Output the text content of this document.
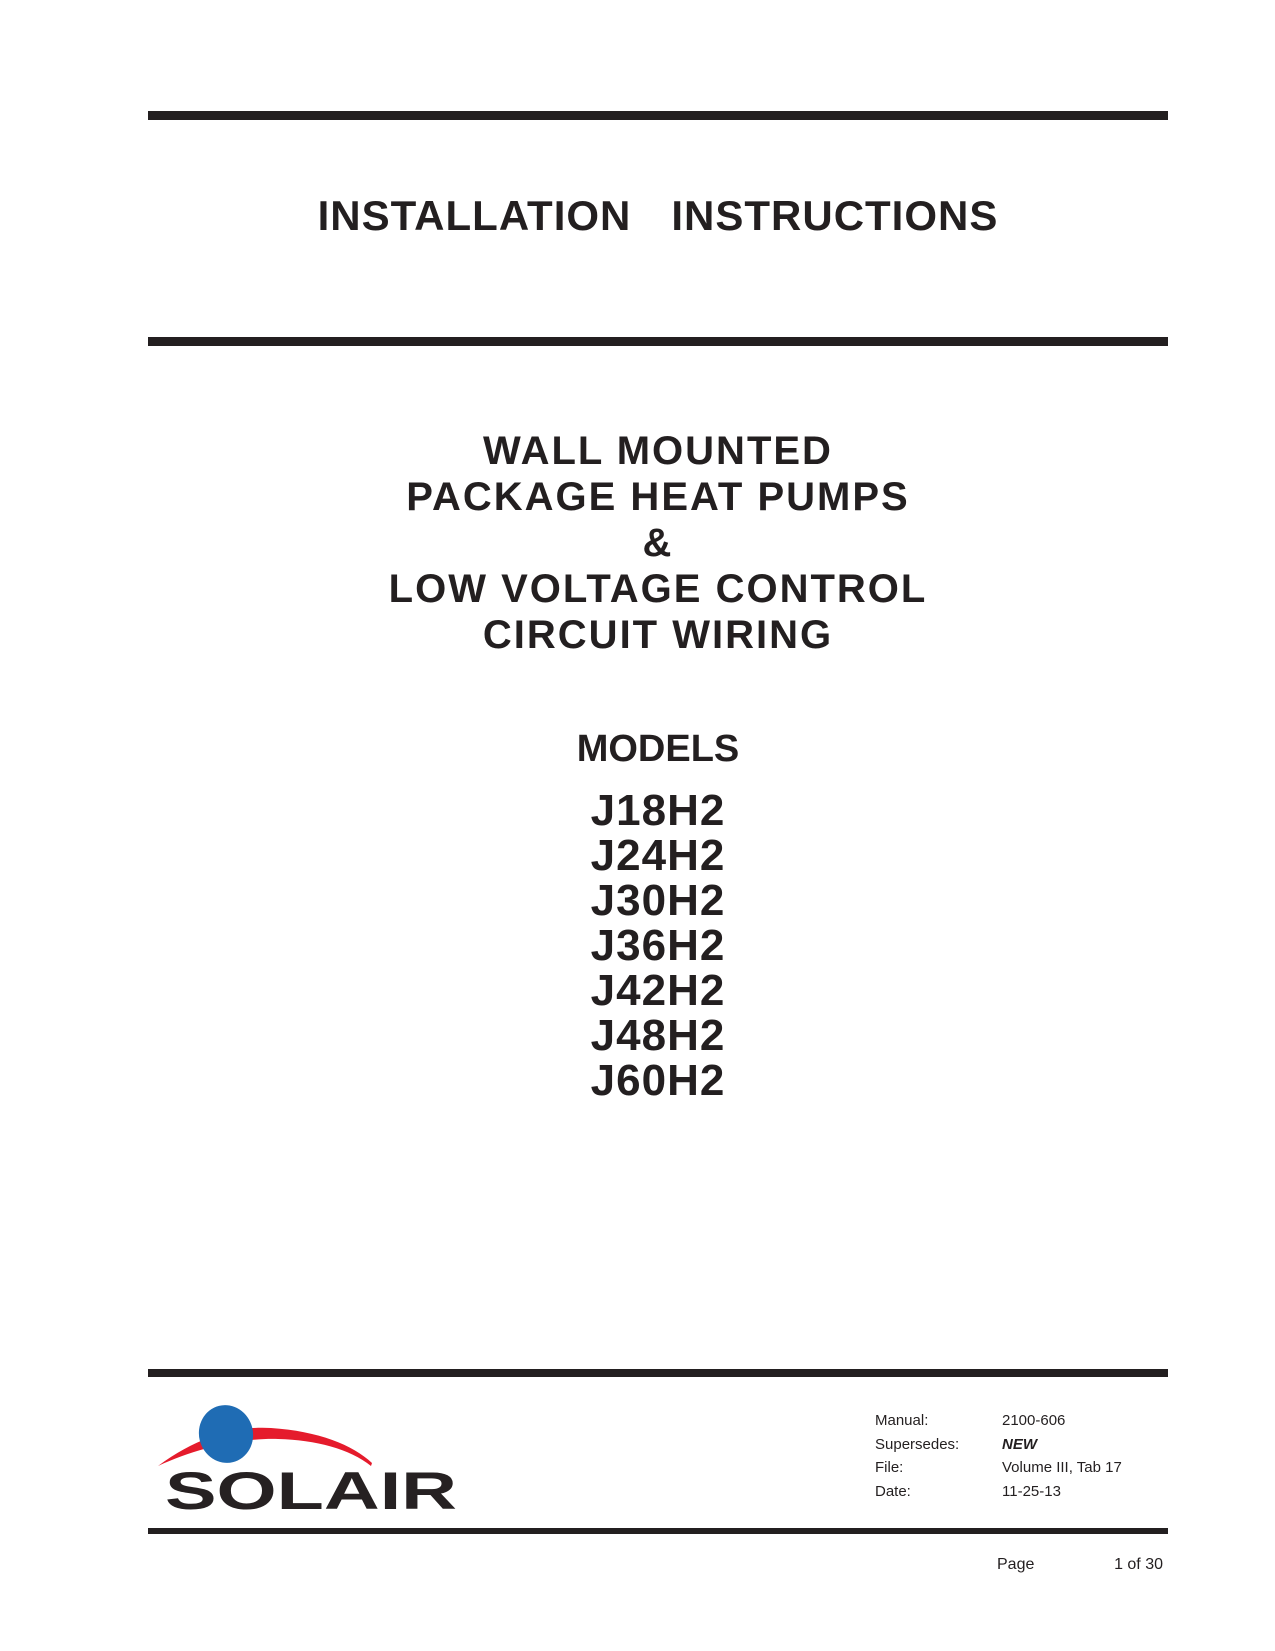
INSTALLATION INSTRUCTIONS
WALL MOUNTED
PACKAGE HEAT PUMPS
&
LOW VOLTAGE CONTROL
CIRCUIT WIRING
MODELS
J18H2
J24H2
J30H2
J36H2
J42H2
J48H2
J60H2
SOLAIR
Manual:	2100-606
Supersedes:	NEW
File:	Volume III, Tab 17
Date:	11-25-13
Page	1 of 30
